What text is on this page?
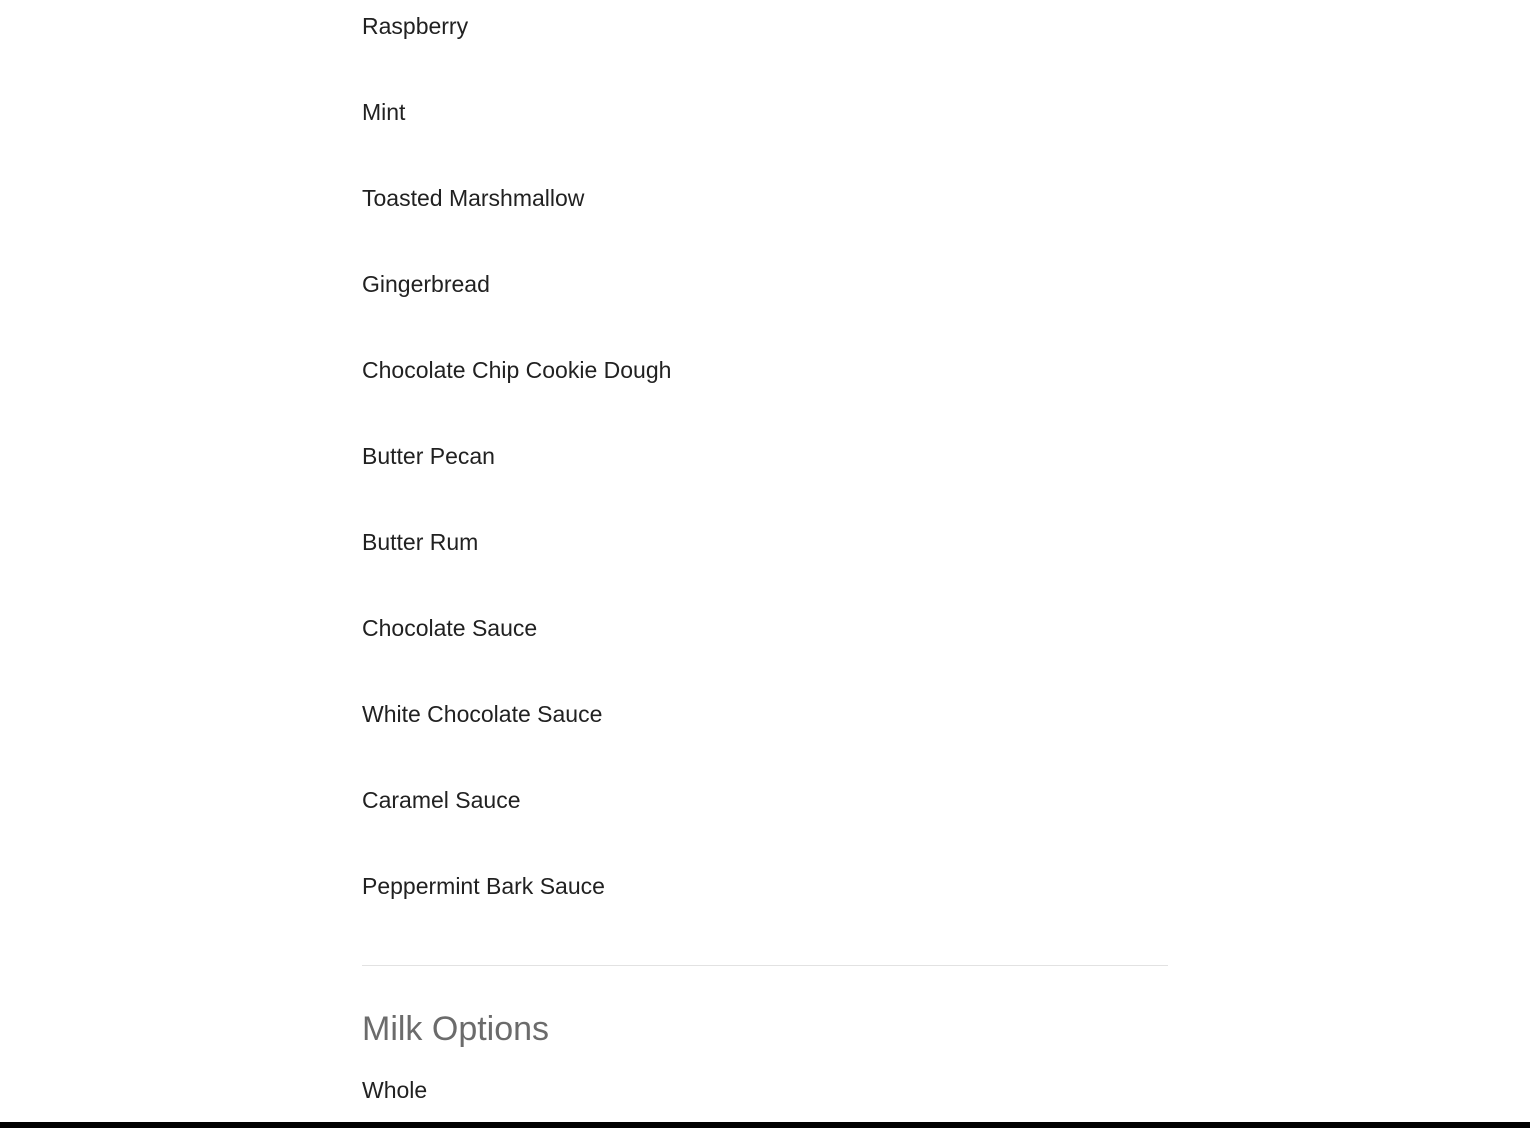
Raspberry
Mint
Toasted Marshmallow
Gingerbread
Chocolate Chip Cookie Dough
Butter Pecan
Butter Rum
Chocolate Sauce
White Chocolate Sauce
Caramel Sauce
Peppermint Bark Sauce
Milk Options
Whole
